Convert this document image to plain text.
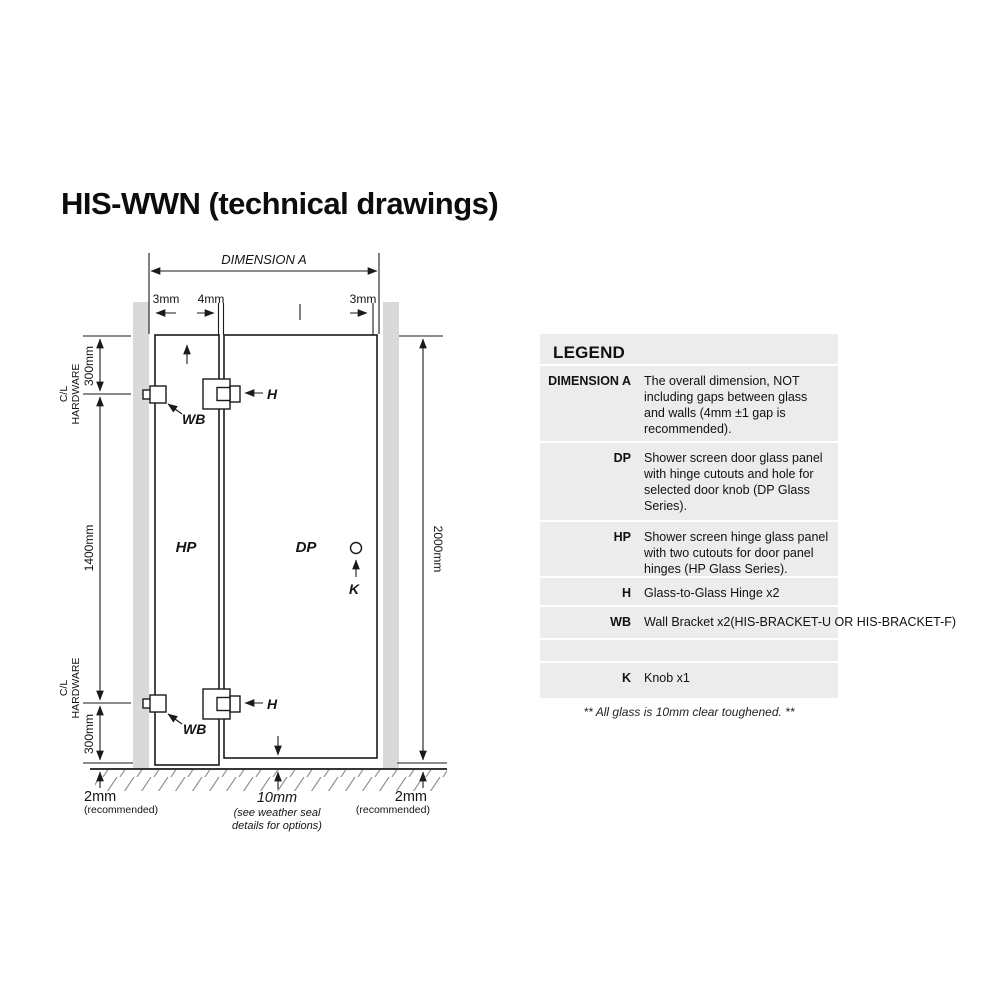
HIS-WWN (technical drawings)
DIMENSION A
3mm 4mm	3mm
300mm
C/L HARDWARE
1400mm
C/L HARDWARE
300mm
2mm
(recommended)
2000mm
2mm
(recommended)
10mm
(see weather seal
details for options)
H
H
WB
WB
K
HP	DP
LEGEND
DIMENSION A	The overall dimension, NOT including gaps between glass and walls (4mm ±1 gap is recommended).
DP	Shower screen door glass panel with hinge cutouts and hole for selected door knob (DP Glass Series).
HP	Shower screen hinge glass panel with two cutouts for door panel hinges (HP Glass Series).
H	Glass-to-Glass Hinge x2
WB	Wall Bracket x2(HIS-BRACKET-U OR HIS-BRACKET-F)
K	Knob x1
** All glass is 10mm clear toughened. **
